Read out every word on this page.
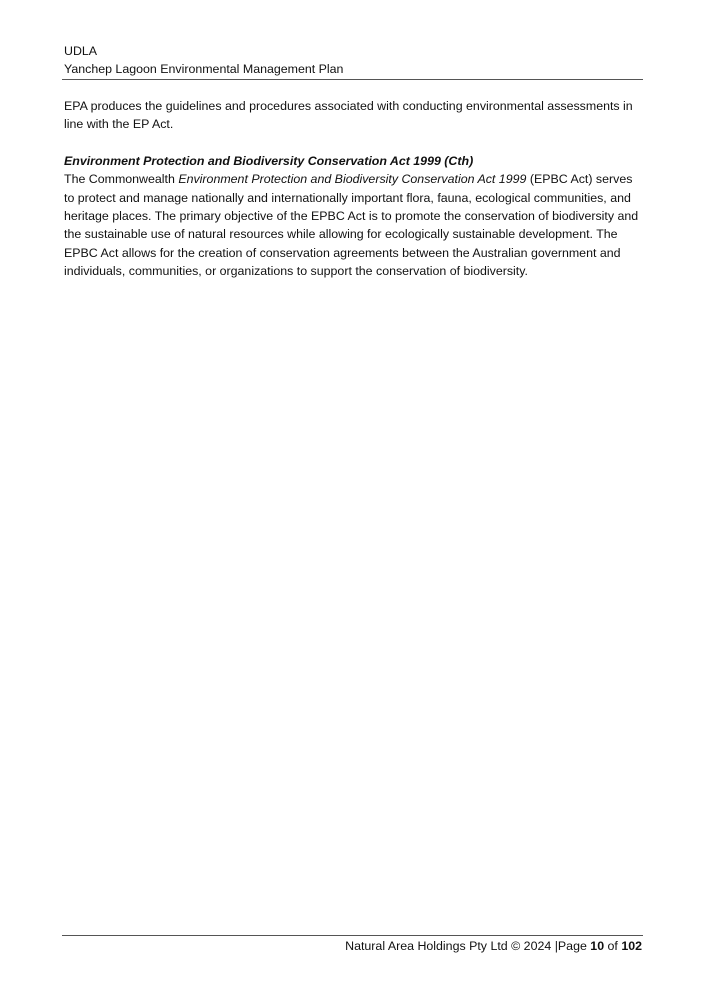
UDLA
Yanchep Lagoon Environmental Management Plan

EPA produces the guidelines and procedures associated with conducting environmental assessments in line with the EP Act.

Environment Protection and Biodiversity Conservation Act 1999 (Cth)

The Commonwealth Environment Protection and Biodiversity Conservation Act 1999 (EPBC Act) serves to protect and manage nationally and internationally important flora, fauna, ecological communities, and heritage places. The primary objective of the EPBC Act is to promote the conservation of biodiversity and the sustainable use of natural resources while allowing for ecologically sustainable development. The EPBC Act allows for the creation of conservation agreements between the Australian government and individuals, communities, or organizations to support the conservation of biodiversity.

Natural Area Holdings Pty Ltd © 2024 |Page 10 of 102
